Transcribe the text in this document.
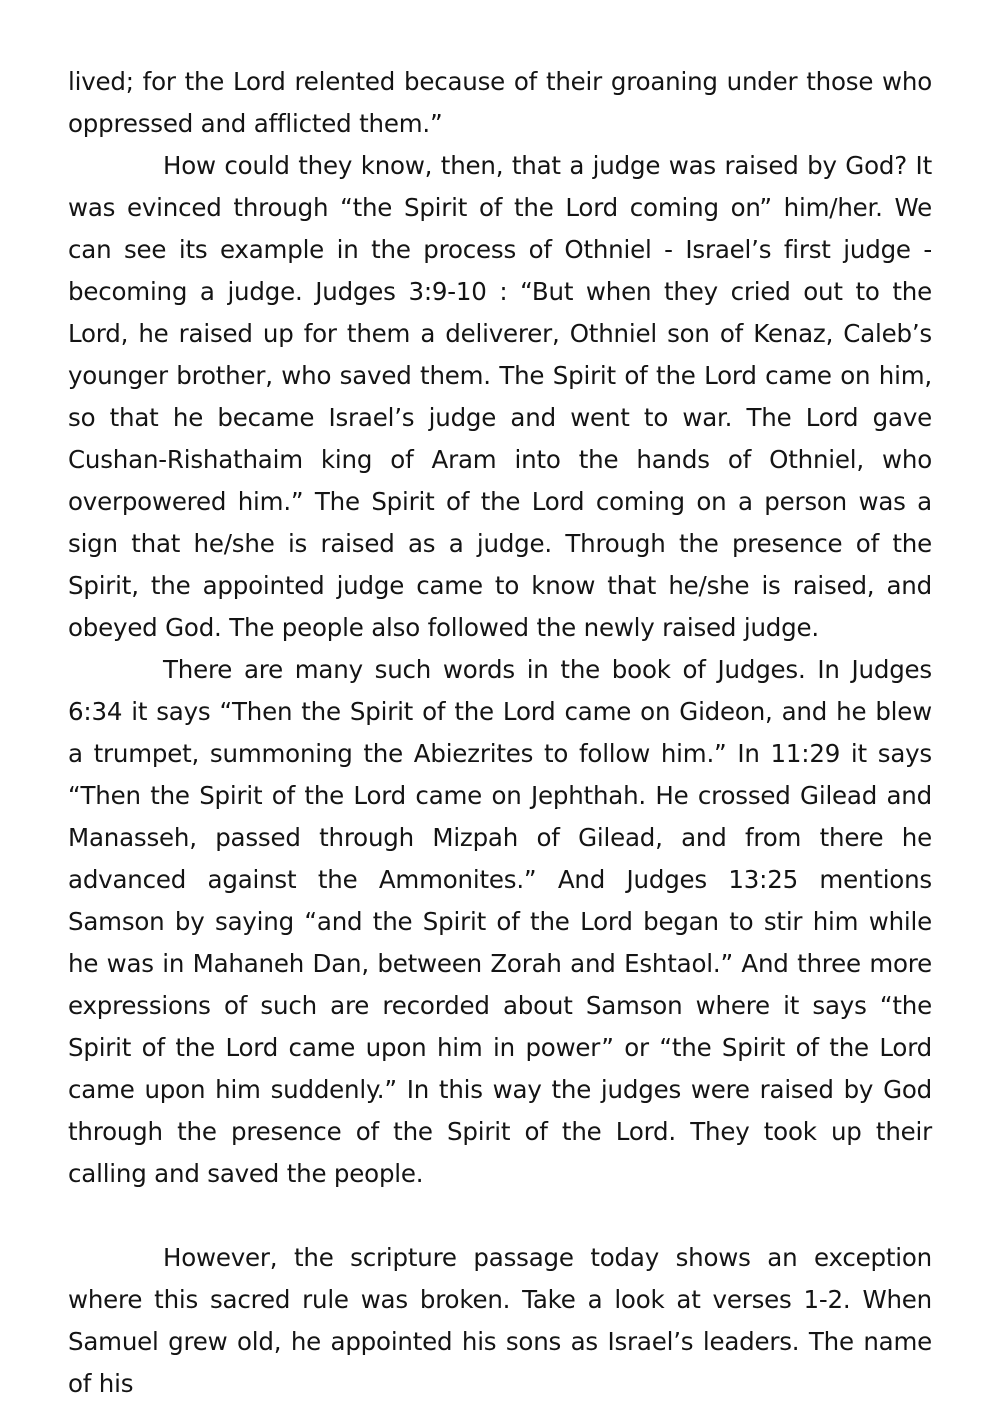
lived; for the Lord relented because of their groaning under those who oppressed and afflicted them.”

How could they know, then, that a judge was raised by God? It was evinced through “the Spirit of the Lord coming on” him/her. We can see its example in the process of Othniel - Israel’s first judge - becoming a judge. Judges 3:9-10 : “But when they cried out to the Lord, he raised up for them a deliverer, Othniel son of Kenaz, Caleb’s younger brother, who saved them. The Spirit of the Lord came on him, so that he became Israel’s judge and went to war. The Lord gave Cushan-Rishathaim king of Aram into the hands of Othniel, who overpowered him.” The Spirit of the Lord coming on a person was a sign that he/she is raised as a judge. Through the presence of the Spirit, the appointed judge came to know that he/she is raised, and obeyed God. The people also followed the newly raised judge.

There are many such words in the book of Judges. In Judges 6:34 it says “Then the Spirit of the Lord came on Gideon, and he blew a trumpet, summoning the Abiezrites to follow him.” In 11:29 it says “Then the Spirit of the Lord came on Jephthah. He crossed Gilead and Manasseh, passed through Mizpah of Gilead, and from there he advanced against the Ammonites.” And Judges 13:25 mentions Samson by saying “and the Spirit of the Lord began to stir him while he was in Mahaneh Dan, between Zorah and Eshtaol.” And three more expressions of such are recorded about Samson where it says “the Spirit of the Lord came upon him in power” or “the Spirit of the Lord came upon him suddenly.” In this way the judges were raised by God through the presence of the Spirit of the Lord. They took up their calling and saved the people.

However, the scripture passage today shows an exception where this sacred rule was broken. Take a look at verses 1-2. When Samuel grew old, he appointed his sons as Israel’s leaders. The name of his
